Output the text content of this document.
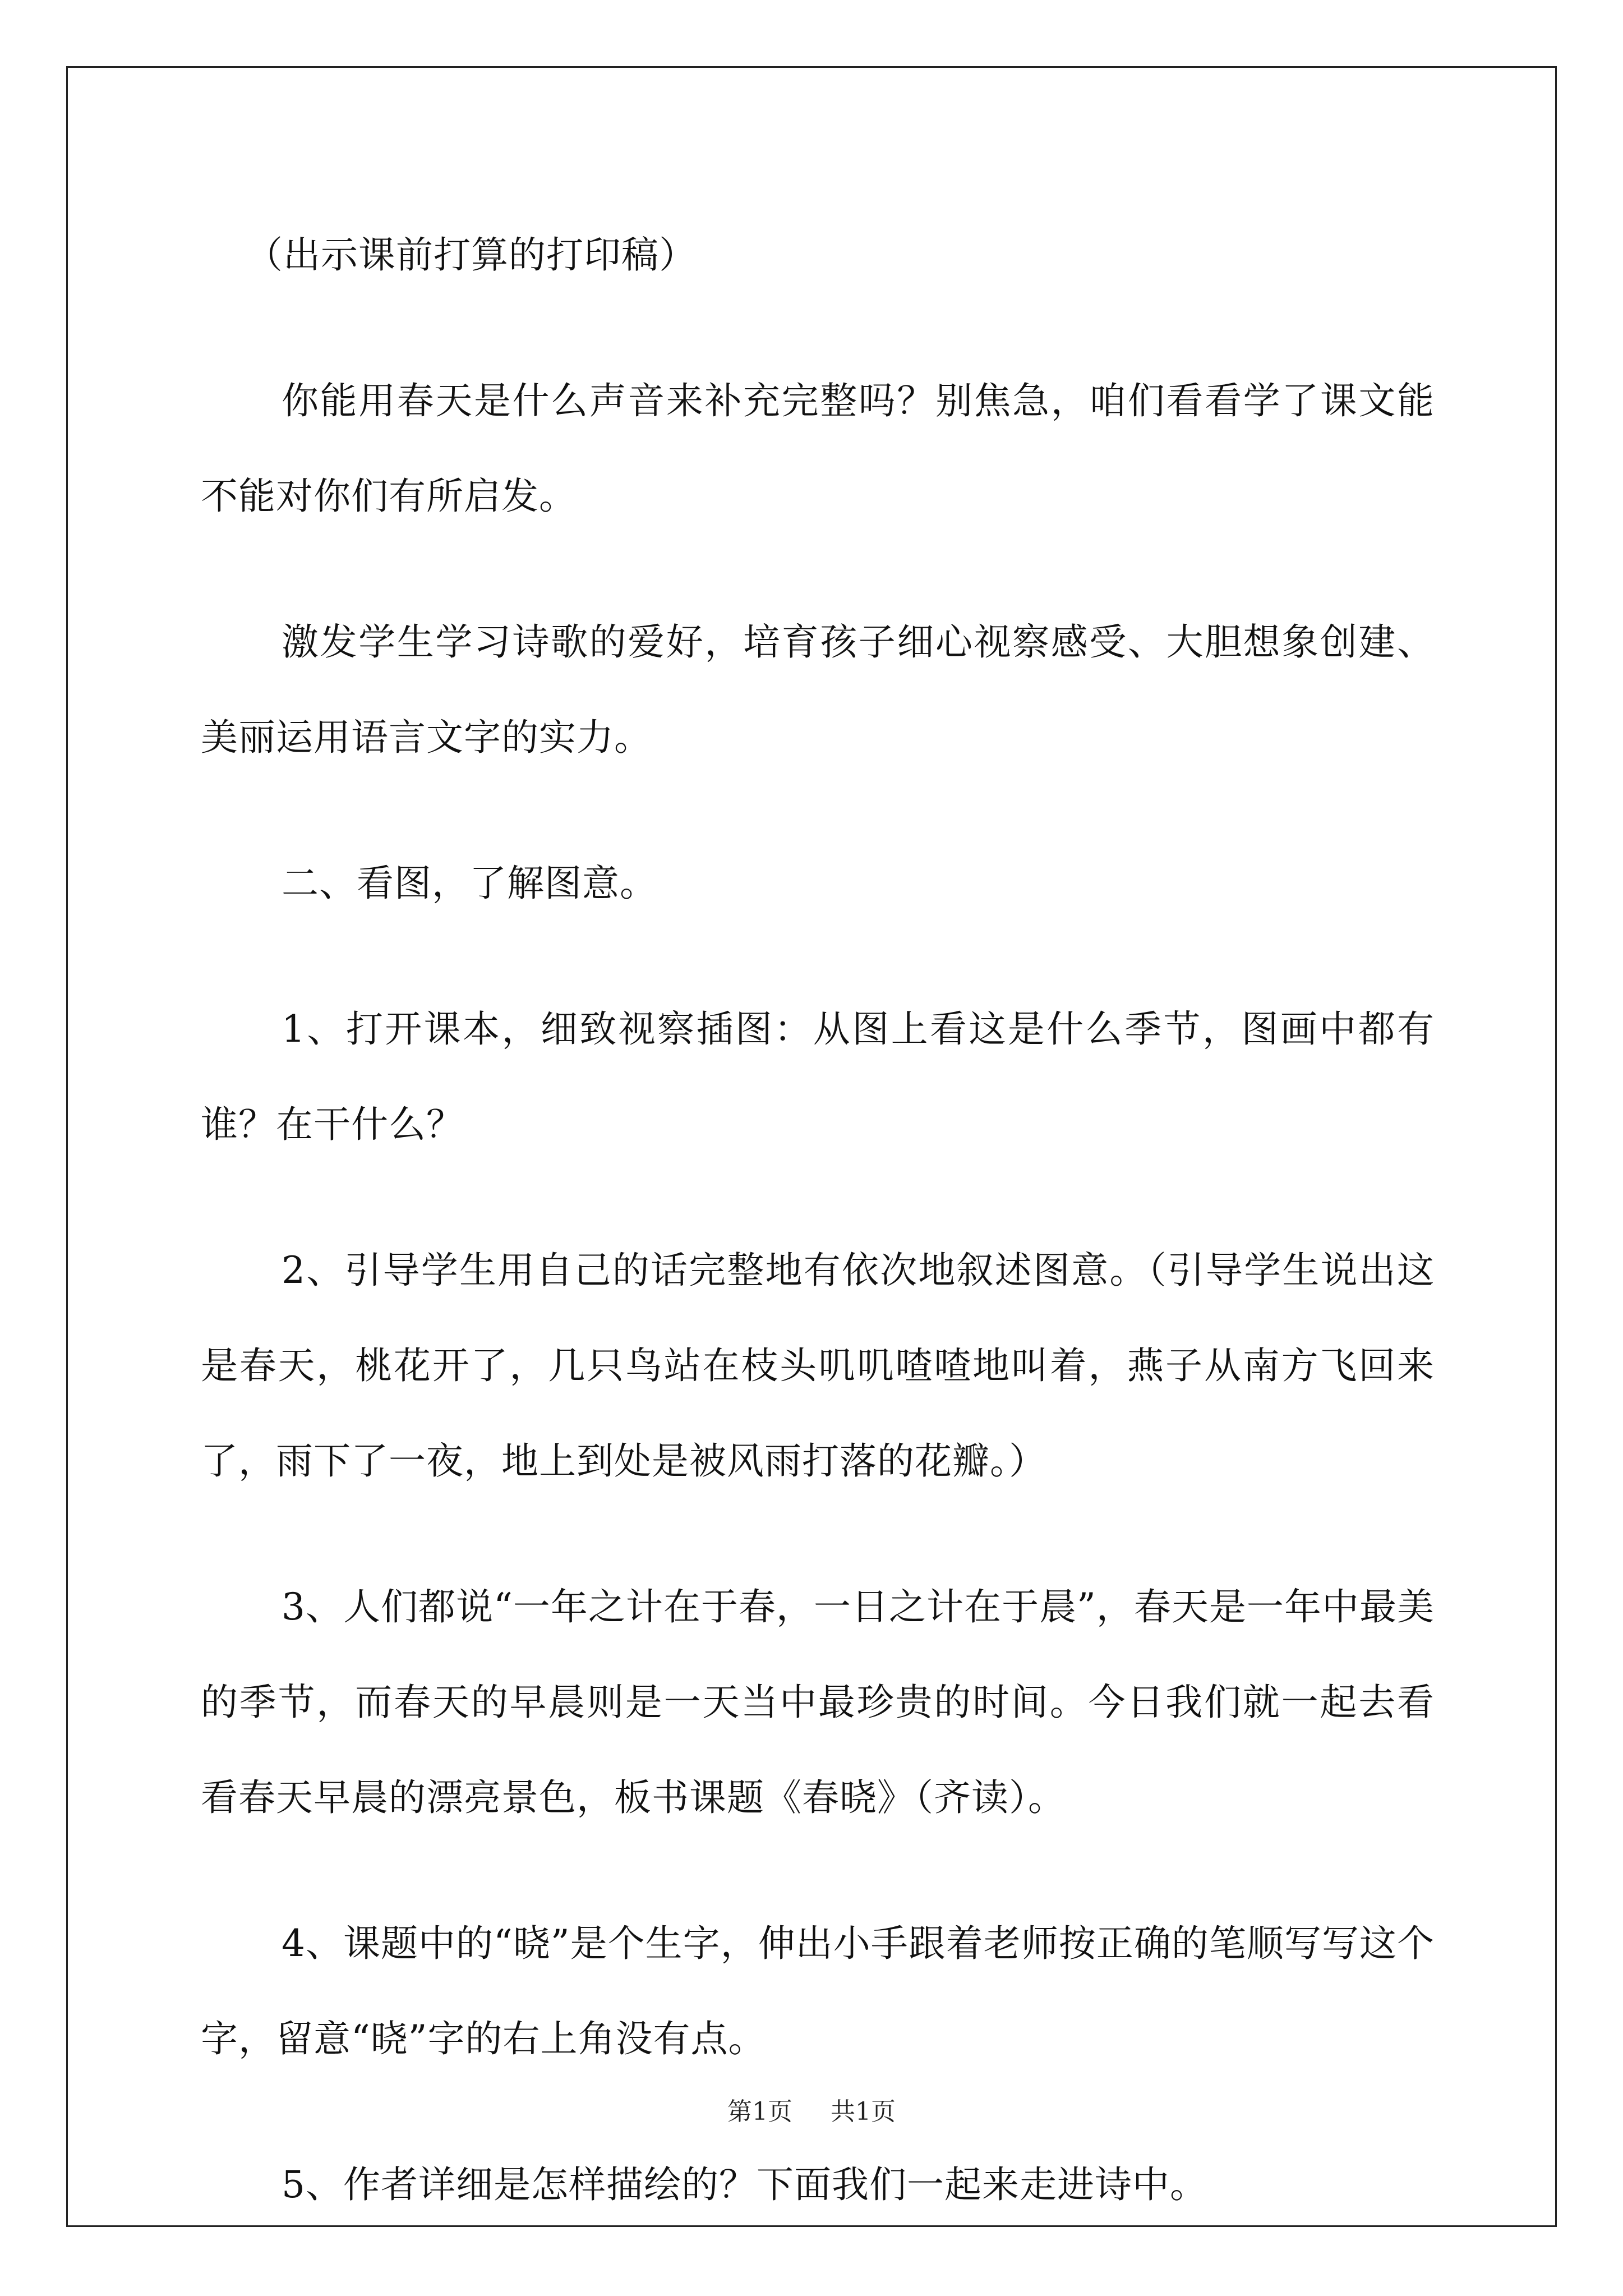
（出示课前打算的打印稿）

你能用春天是什么声音来补充完整吗？别焦急，咱们看看学了课文能不能对你们有所启发。

激发学生学习诗歌的爱好，培育孩子细心视察感受、大胆想象创建、美丽运用语言文字的实力。

二、看图，了解图意。

1、打开课本，细致视察插图：从图上看这是什么季节，图画中都有谁？在干什么？

2、引导学生用自己的话完整地有依次地叙述图意。（引导学生说出这是春天，桃花开了，几只鸟站在枝头叽叽喳喳地叫着，燕子从南方飞回来了，雨下了一夜，地上到处是被风雨打落的花瓣。）

3、人们都说“一年之计在于春，一日之计在于晨”，春天是一年中最美的季节，而春天的早晨则是一天当中最珍贵的时间。今日我们就一起去看看春天早晨的漂亮景色，板书课题《春晓》（齐读）。

4、课题中的“晓”是个生字，伸出小手跟着老师按正确的笔顺写写这个字，留意“晓”字的右上角没有点。

5、作者详细是怎样描绘的？下面我们一起来走进诗中。

第1页 共1页
